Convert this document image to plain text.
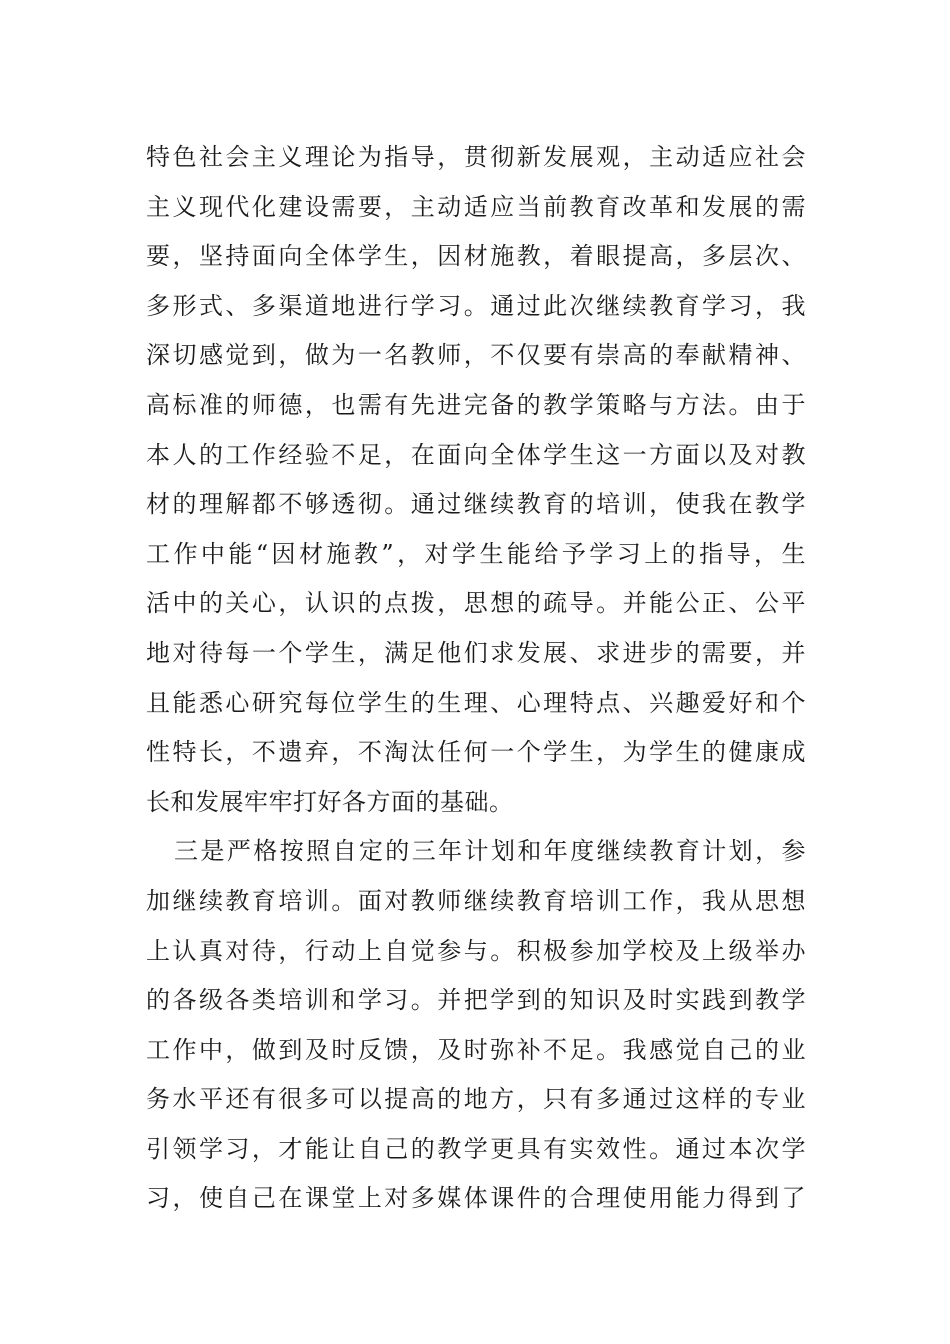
特色社会主义理论为指导，贯彻新发展观，主动适应社会
主义现代化建设需要，主动适应当前教育改革和发展的需
要，坚持面向全体学生，因材施教，着眼提高，多层次、
多形式、多渠道地进行学习。通过此次继续教育学习，我
深切感觉到，做为一名教师，不仅要有崇高的奉献精神、
高标准的师德，也需有先进完备的教学策略与方法。由于
本人的工作经验不足，在面向全体学生这一方面以及对教
材的理解都不够透彻。通过继续教育的培训，使我在教学
工作中能“因材施教”，对学生能给予学习上的指导，生
活中的关心，认识的点拨，思想的疏导。并能公正、公平
地对待每一个学生，满足他们求发展、求进步的需要，并
且能悉心研究每位学生的生理、心理特点、兴趣爱好和个
性特长，不遗弃，不淘汰任何一个学生，为学生的健康成
长和发展牢牢打好各方面的基础。
三是严格按照自定的三年计划和年度继续教育计划，参
加继续教育培训。面对教师继续教育培训工作，我从思想
上认真对待，行动上自觉参与。积极参加学校及上级举办
的各级各类培训和学习。并把学到的知识及时实践到教学
工作中，做到及时反馈，及时弥补不足。我感觉自己的业
务水平还有很多可以提高的地方，只有多通过这样的专业
引领学习，才能让自己的教学更具有实效性。通过本次学
习，使自己在课堂上对多媒体课件的合理使用能力得到了
